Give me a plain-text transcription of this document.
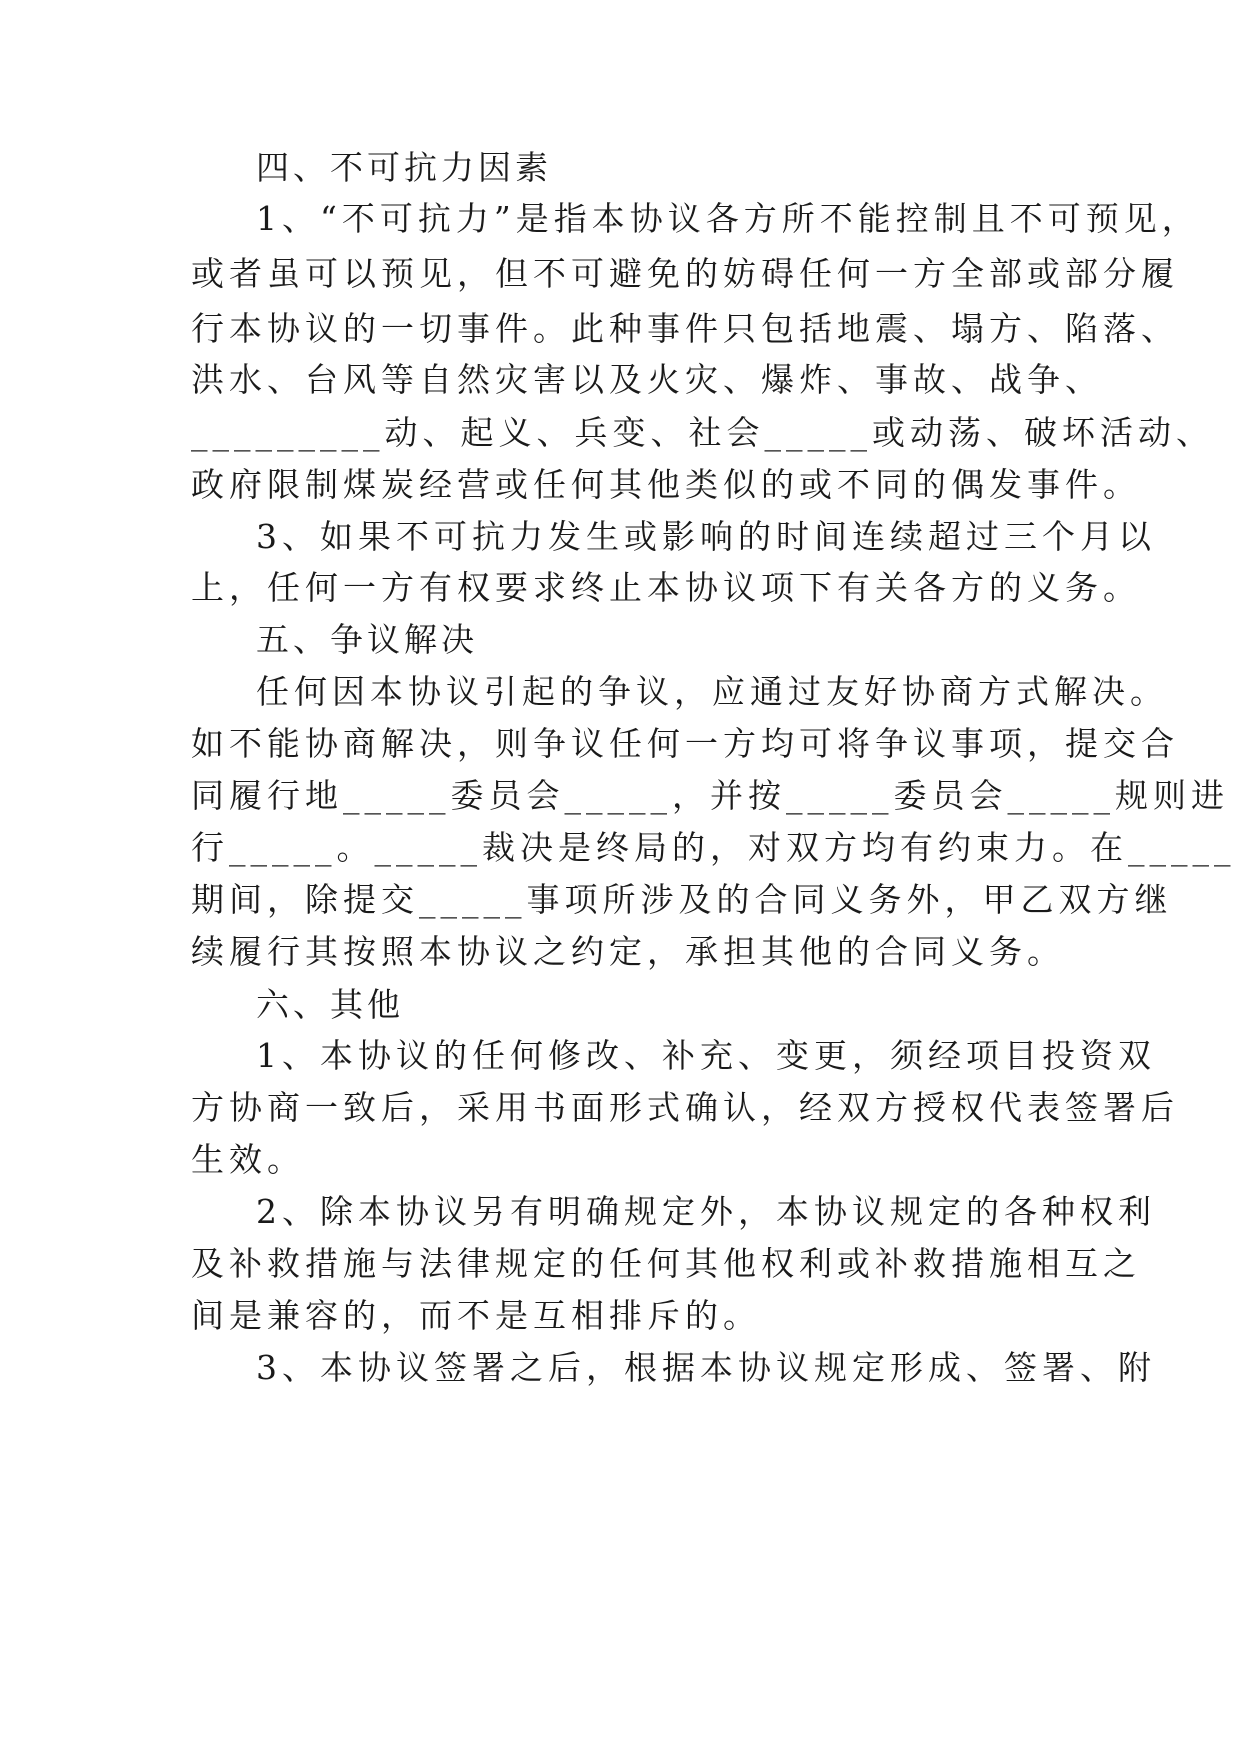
四、不可抗力因素
1、“不可抗力”是指本协议各方所不能控制且不可预见，
或者虽可以预见，但不可避免的妨碍任何一方全部或部分履
行本协议的一切事件。此种事件只包括地震、塌方、陷落、
洪水、台风等自然灾害以及火灾、爆炸、事故、战争、
_________动、起义、兵变、社会_____或动荡、破坏活动、
政府限制煤炭经营或任何其他类似的或不同的偶发事件。
3、如果不可抗力发生或影响的时间连续超过三个月以
上，任何一方有权要求终止本协议项下有关各方的义务。
五、争议解决
任何因本协议引起的争议，应通过友好协商方式解决。
如不能协商解决，则争议任何一方均可将争议事项，提交合
同履行地_____委员会_____，并按_____委员会_____规则进
行_____。_____裁决是终局的，对双方均有约束力。在_____
期间，除提交_____事项所涉及的合同义务外，甲乙双方继
续履行其按照本协议之约定，承担其他的合同义务。
六、其他
1、本协议的任何修改、补充、变更，须经项目投资双
方协商一致后，采用书面形式确认，经双方授权代表签署后
生效。
2、除本协议另有明确规定外，本协议规定的各种权利
及补救措施与法律规定的任何其他权利或补救措施相互之
间是兼容的，而不是互相排斥的。
3、本协议签署之后，根据本协议规定形成、签署、附
